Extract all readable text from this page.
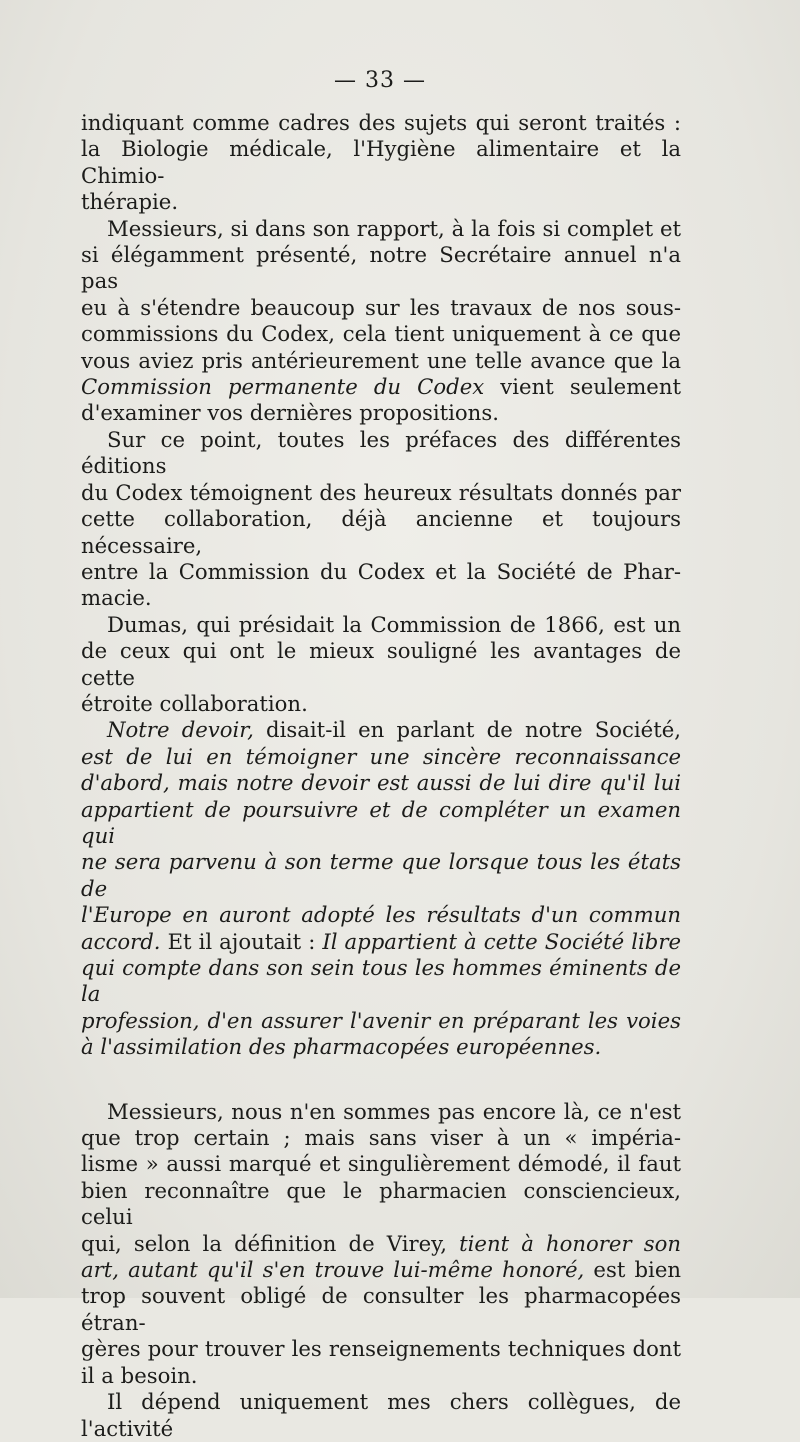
— 33 —

indiquant comme cadres des sujets qui seront traités :

la Biologie médicale, l'Hygiène alimentaire et la Chimio-

thérapie.

Messieurs, si dans son rapport, à la fois si complet et

si élégamment présenté, notre Secrétaire annuel n'a pas

eu à s'étendre beaucoup sur les travaux de nos sous-

commissions du Codex, cela tient uniquement à ce que

vous aviez pris antérieurement une telle avance que la

Commission permanente du Codex vient seulement

d'examiner vos dernières propositions.

Sur ce point, toutes les préfaces des différentes éditions

du Codex témoignent des heureux résultats donnés par

cette collaboration, déjà ancienne et toujours nécessaire,

entre la Commission du Codex et la Société de Phar-

macie.

Dumas, qui présidait la Commission de 1866, est un

de ceux qui ont le mieux souligné les avantages de cette

étroite collaboration.

Notre devoir, disait-il en parlant de notre Société,

est de lui en témoigner une sincère reconnaissance

d'abord, mais notre devoir est aussi de lui dire qu'il lui

appartient de poursuivre et de compléter un examen qui

ne sera parvenu à son terme que lorsque tous les états de

l'Europe en auront adopté les résultats d'un commun

accord. Et il ajoutait : Il appartient à cette Société libre

qui compte dans son sein tous les hommes éminents de la

profession, d'en assurer l'avenir en préparant les voies

à l'assimilation des pharmacopées européennes.

Messieurs, nous n'en sommes pas encore là, ce n'est

que trop certain ; mais sans viser à un « impéria-

lisme » aussi marqué et singulièrement démodé, il faut

bien reconnaître que le pharmacien consciencieux, celui

qui, selon la définition de Virey, tient à honorer son

art, autant qu'il s'en trouve lui-même honoré, est bien

trop souvent obligé de consulter les pharmacopées étran-

gères pour trouver les renseignements techniques dont

il a besoin.

Il dépend uniquement mes chers collègues, de l'activité
